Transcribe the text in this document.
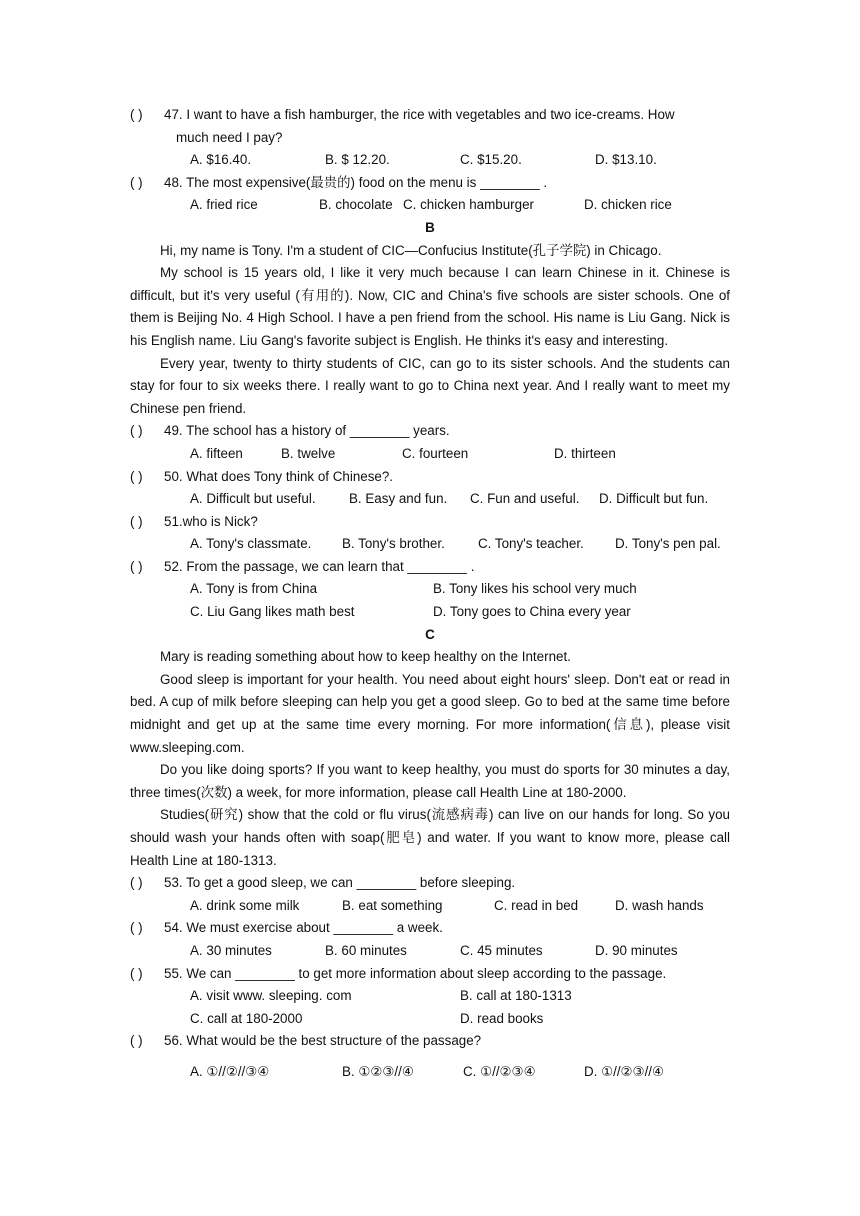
( )	47. I want to have a fish hamburger, the rice with vegetables and two ice-creams. How
much need I pay?
A. $16.40.	B. $ 12.20.	C. $15.20.	D. $13.10.
( )	48. The most expensive(最贵的) food on the menu is ________ .
A. fried rice	B. chocolate C. chicken hamburger	D. chicken rice
B
Hi, my name is Tony. I'm a student of CIC—Confucius Institute(孔子学院) in Chicago.
My school is 15 years old, I like it very much because I can learn Chinese in it. Chinese is difficult, but it's very useful (有用的). Now, CIC and China's five schools are sister schools. One of them is Beijing No. 4 High School. I have a pen friend from the school. His name is Liu Gang. Nick is his English name. Liu Gang's favorite subject is English. He thinks it's easy and interesting.
Every year, twenty to thirty students of CIC, can go to its sister schools. And the students can stay for four to six weeks there. I really want to go to China next year. And I really want to meet my Chinese pen friend.
( )	49. The school has a history of ________ years.
A. fifteen	B. twelve	C. fourteen	D. thirteen
( )	50. What does Tony think of Chinese?.
A. Difficult but useful.	B. Easy and fun.	C. Fun and useful.	D. Difficult but fun.
( )	51.who is Nick?
A. Tony's classmate.	B. Tony's brother.	C. Tony's teacher.	D. Tony's pen pal.
( )	52. From the passage, we can learn that ________ .
A. Tony is from China	B. Tony likes his school very much
C. Liu Gang likes math best	D. Tony goes to China every year
C
Mary is reading something about how to keep healthy on the Internet.
Good sleep is important for your health. You need about eight hours' sleep. Don't eat or read in bed. A cup of milk before sleeping can help you get a good sleep. Go to bed at the same time before midnight and get up at the same time every morning. For more information(信息), please visit www.sleeping.com.
Do you like doing sports? If you want to keep healthy, you must do sports for 30 minutes a day, three times(次数) a week, for more information, please call Health Line at 180-2000.
Studies(研究) show that the cold or flu virus(流感病毒) can live on our hands for long. So you should wash your hands often with soap(肥皂) and water. If you want to know more, please call Health Line at 180-1313.
( )	53. To get a good sleep, we can ________ before sleeping.
A. drink some milk	B. eat something	C. read in bed	D. wash hands
( )	54. We must exercise about ________ a week.
A. 30 minutes	B. 60 minutes	C. 45 minutes	D. 90 minutes
( )	55. We can ________ to get more information about sleep according to the passage.
A. visit www. sleeping. com	B. call at 180-1313
C. call at 180-2000	D. read books
( )	56. What would be the best structure of the passage?
A. ①//②//③④	B. ①②③//④	C. ①//②③④	D. ①//②③//④
